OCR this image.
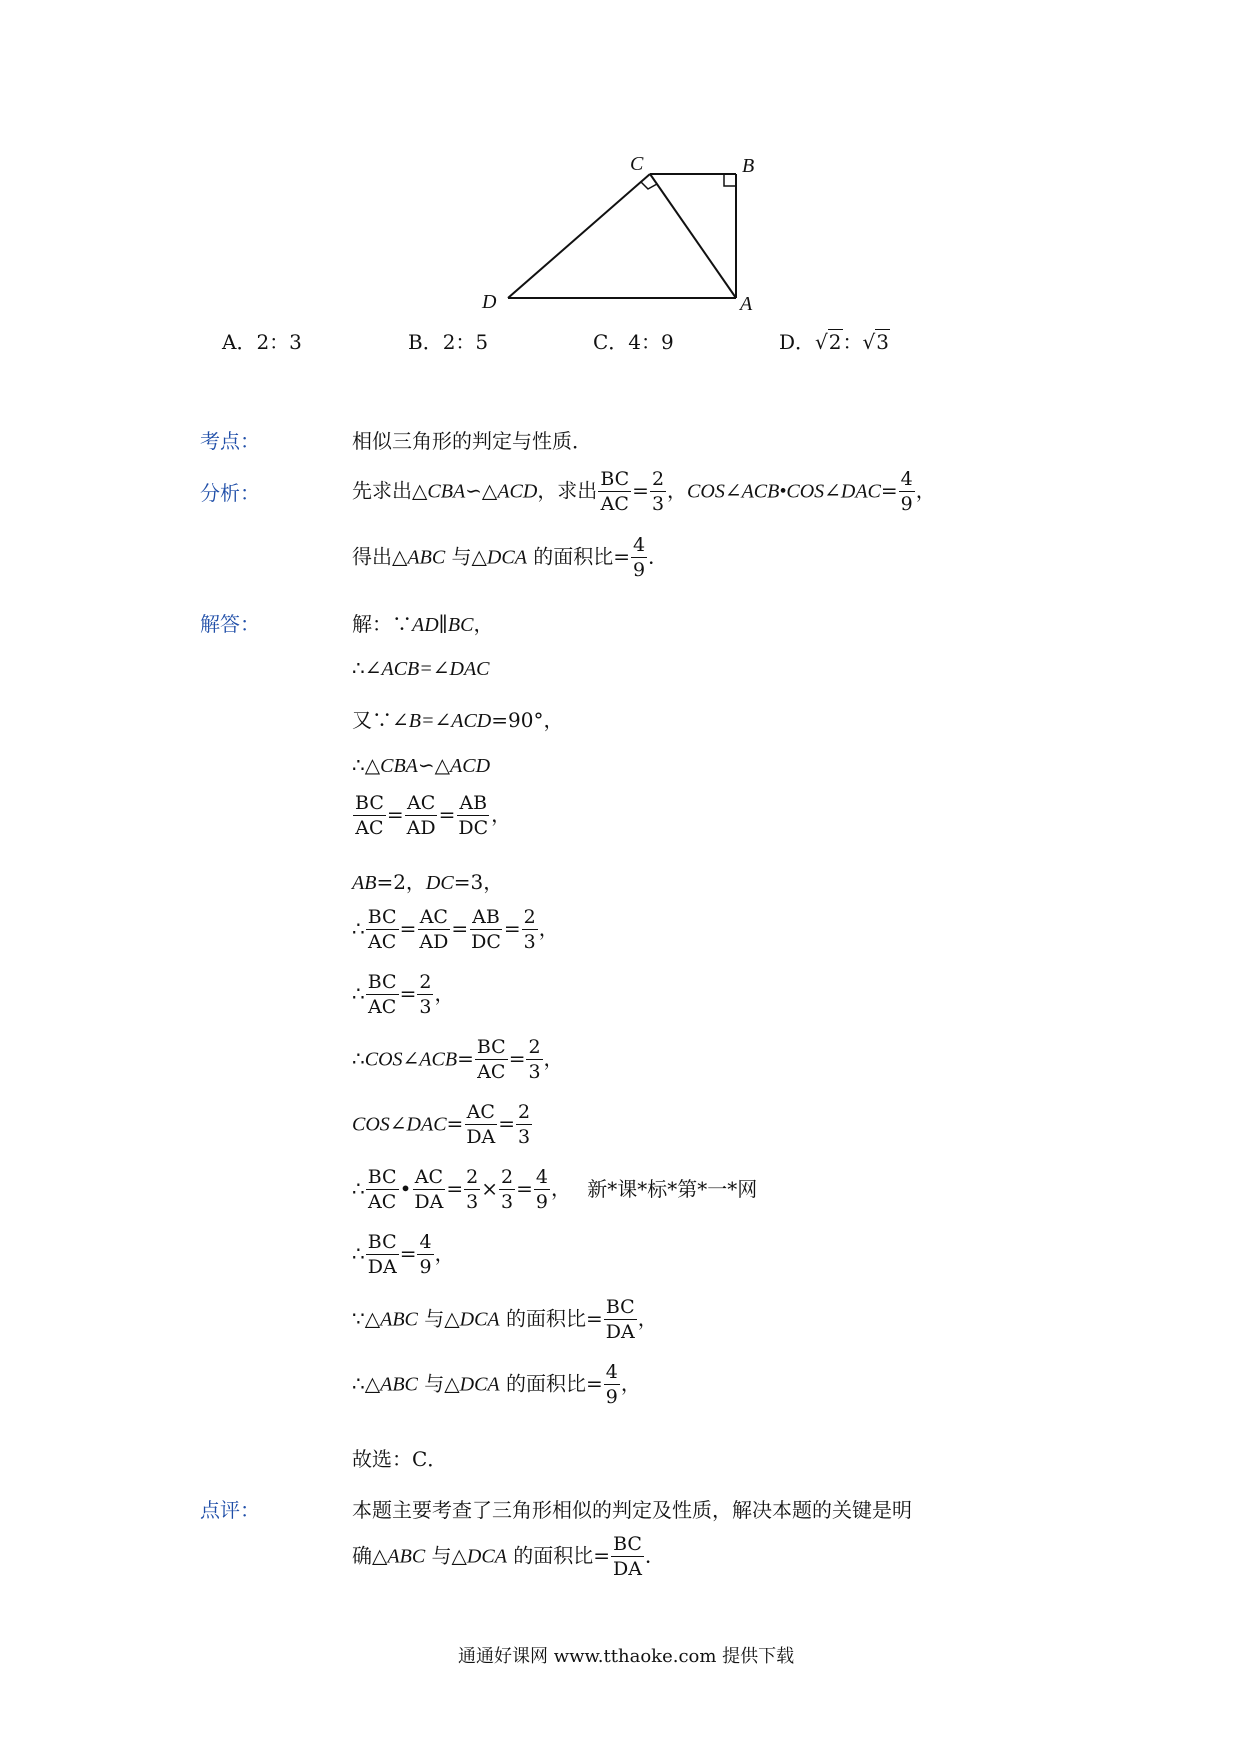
C	B
D	A
A．2：3	B．2：5	C．4：9	D．√2：√3
考点：	相似三角形的判定与性质．
分析：	先求出△CBA∽△ACD，求出 $\frac{BC}{AC} = \frac{2}{3}$ ，COS∠ACB•COS∠DAC= $\frac{4}{9}$ ，
得出△ABC 与△DCA 的面积比= $\frac{4}{9}$ ．
解答：	解：∵AD∥BC，
∴∠ACB=∠DAC
又∵∠B=∠ACD=90°，
∴△CBA∽△ACD
$\frac{BC}{AC} = \frac{AC}{AD} = \frac{AB}{DC}$ ，
AB=2，DC=3，
∴ $\frac{BC}{AC} = \frac{AC}{AD} = \frac{AB}{DC} = \frac{2}{3}$ ，
∴ $\frac{BC}{AC} = \frac{2}{3}$ ，
∴COS∠ACB= $\frac{BC}{AC} = \frac{2}{3}$ ，
COS∠DAC= $\frac{AC}{DA} = \frac{2}{3}$
∴ $\frac{BC}{AC}$ • $\frac{AC}{DA} = \frac{2}{3} \times \frac{2}{3} = \frac{4}{9}$ ， 新*课*标*第*一*网
∴ $\frac{BC}{DA} = \frac{4}{9}$ ，
∵△ABC 与△DCA 的面积比= $\frac{BC}{DA}$ ，
∴△ABC 与△DCA 的面积比= $\frac{4}{9}$ ，
故选：C．
点评：	本题主要考查了三角形相似的判定及性质，解决本题的关键是明
确△ABC 与△DCA 的面积比= $\frac{BC}{DA}$ ．
通通好课网 www.tthaoke.com 提供下载
